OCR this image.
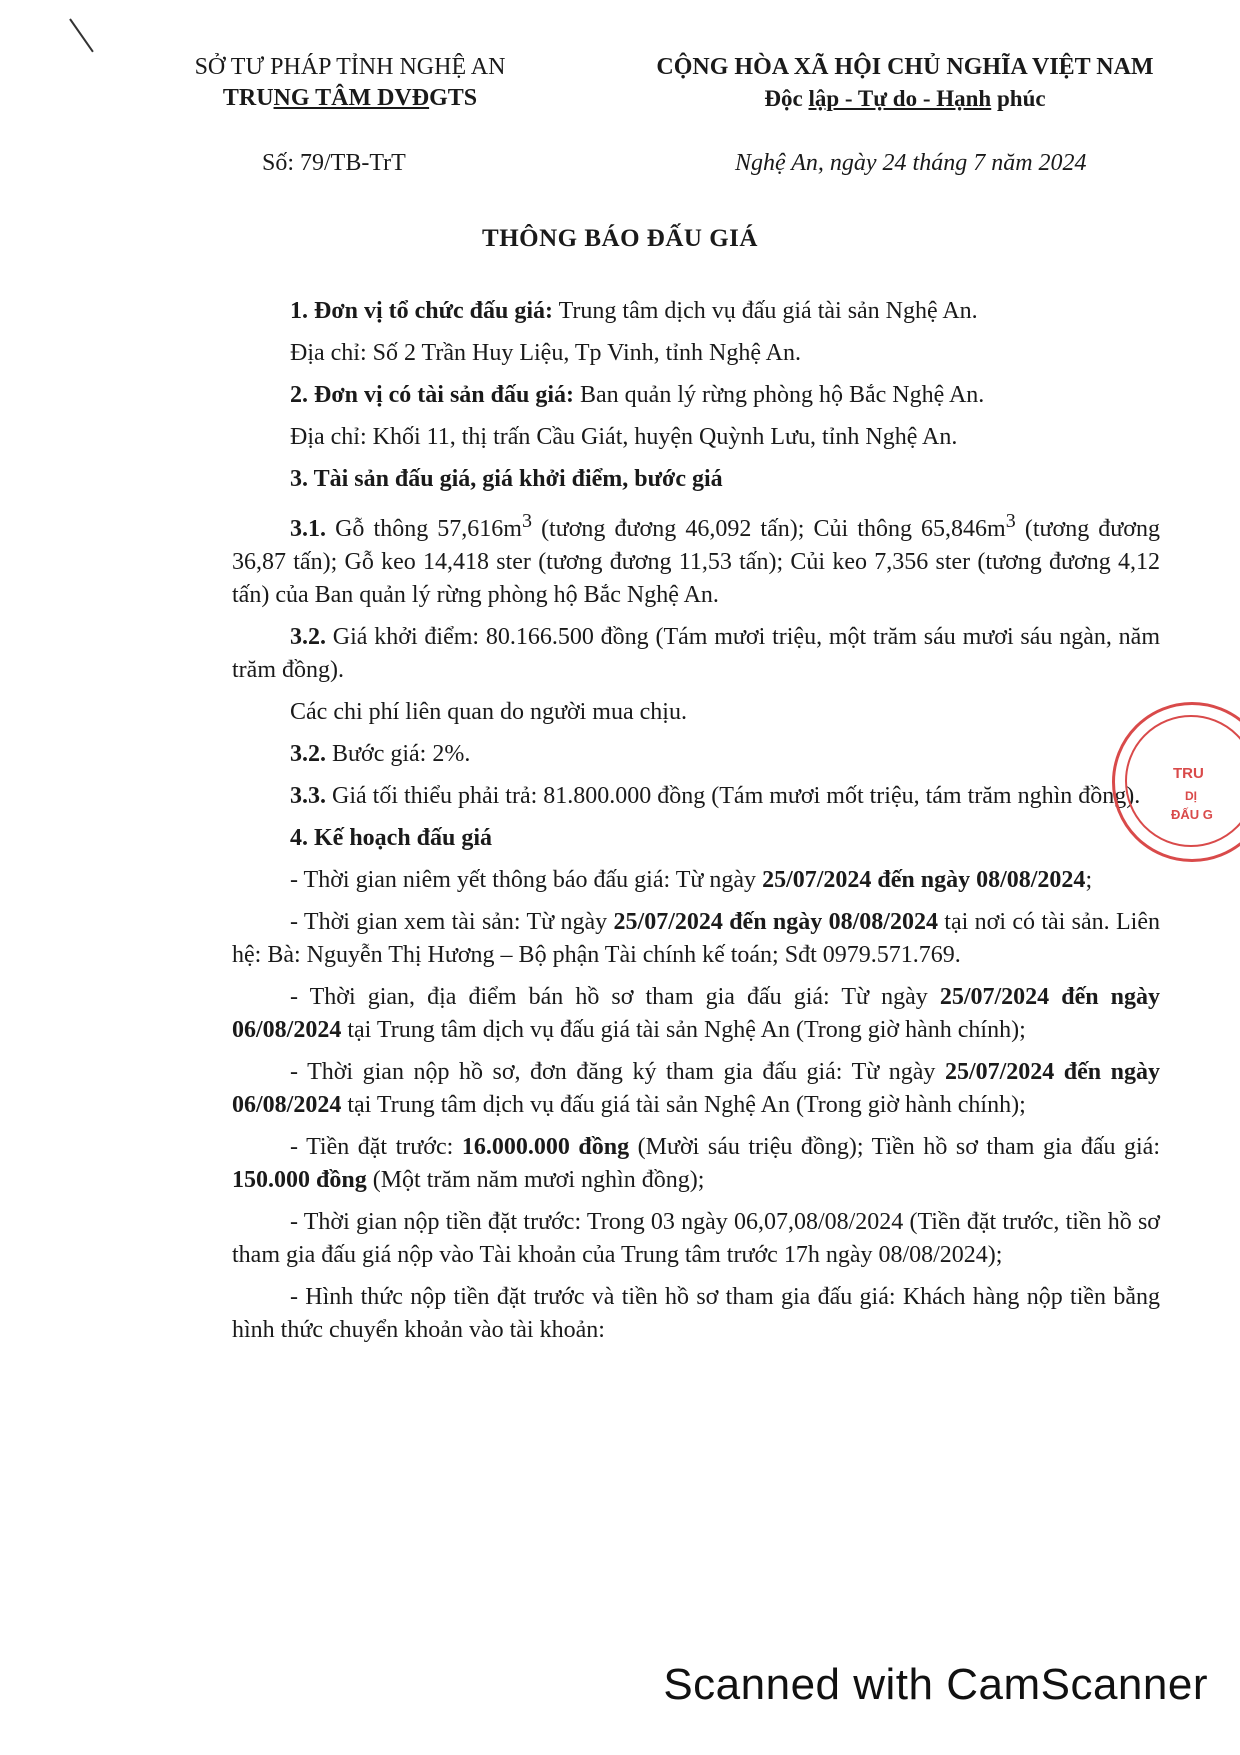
SỞ TƯ PHÁP TỈNH NGHỆ AN
TRUNG TÂM DVĐGTS
CỘNG HÒA XÃ HỘI CHỦ NGHĨA VIỆT NAM
Độc lập - Tự do - Hạnh phúc
Số: 79/TB-TrT	Nghệ An, ngày 24 tháng 7 năm 2024
THÔNG BÁO ĐẤU GIÁ

1. Đơn vị tổ chức đấu giá: Trung tâm dịch vụ đấu giá tài sản Nghệ An.

Địa chỉ: Số 2 Trần Huy Liệu, Tp Vinh, tỉnh Nghệ An.

2. Đơn vị có tài sản đấu giá: Ban quản lý rừng phòng hộ Bắc Nghệ An.

Địa chỉ: Khối 11, thị trấn Cầu Giát, huyện Quỳnh Lưu, tỉnh Nghệ An.

3. Tài sản đấu giá, giá khởi điểm, bước giá

3.1. Gỗ thông $57,616m^3$ (tương đương 46,092 tấn); Củi thông $65,846m^3$ (tương đương 36,87 tấn); Gỗ keo 14,418 ster (tương đương 11,53 tấn); Củi keo 7,356 ster (tương đương 4,12 tấn) của Ban quản lý rừng phòng hộ Bắc Nghệ An.

3.2. Giá khởi điểm: 80.166.500 đồng (Tám mươi triệu, một trăm sáu mươi sáu ngàn, năm trăm đồng).

Các chi phí liên quan do người mua chịu.

3.2. Bước giá: 2%.

3.3. Giá tối thiểu phải trả: 81.800.000 đồng (Tám mươi mốt triệu, tám trăm nghìn đồng).

4. Kế hoạch đấu giá

- Thời gian niêm yết thông báo đấu giá: Từ ngày 25/07/2024 đến ngày 08/08/2024;

- Thời gian xem tài sản: Từ ngày 25/07/2024 đến ngày 08/08/2024 tại nơi có tài sản. Liên hệ: Bà: Nguyễn Thị Hương – Bộ phận Tài chính kế toán; Sđt 0979.571.769.

- Thời gian, địa điểm bán hồ sơ tham gia đấu giá: Từ ngày 25/07/2024 đến ngày 06/08/2024 tại Trung tâm dịch vụ đấu giá tài sản Nghệ An (Trong giờ hành chính);

- Thời gian nộp hồ sơ, đơn đăng ký tham gia đấu giá: Từ ngày 25/07/2024 đến ngày 06/08/2024 tại Trung tâm dịch vụ đấu giá tài sản Nghệ An (Trong giờ hành chính);

- Tiền đặt trước: 16.000.000 đồng (Mười sáu triệu đồng); Tiền hồ sơ tham gia đấu giá: 150.000 đồng (Một trăm năm mươi nghìn đồng);

- Thời gian nộp tiền đặt trước: Trong 03 ngày 06,07,08/08/2024 (Tiền đặt trước, tiền hồ sơ tham gia đấu giá nộp vào Tài khoản của Trung tâm trước 17h ngày 08/08/2024);

- Hình thức nộp tiền đặt trước và tiền hồ sơ tham gia đấu giá: Khách hàng nộp tiền bằng hình thức chuyển khoản vào tài khoản:

TRU
DỊ
ĐẤU G
Scanned with CamScanner
